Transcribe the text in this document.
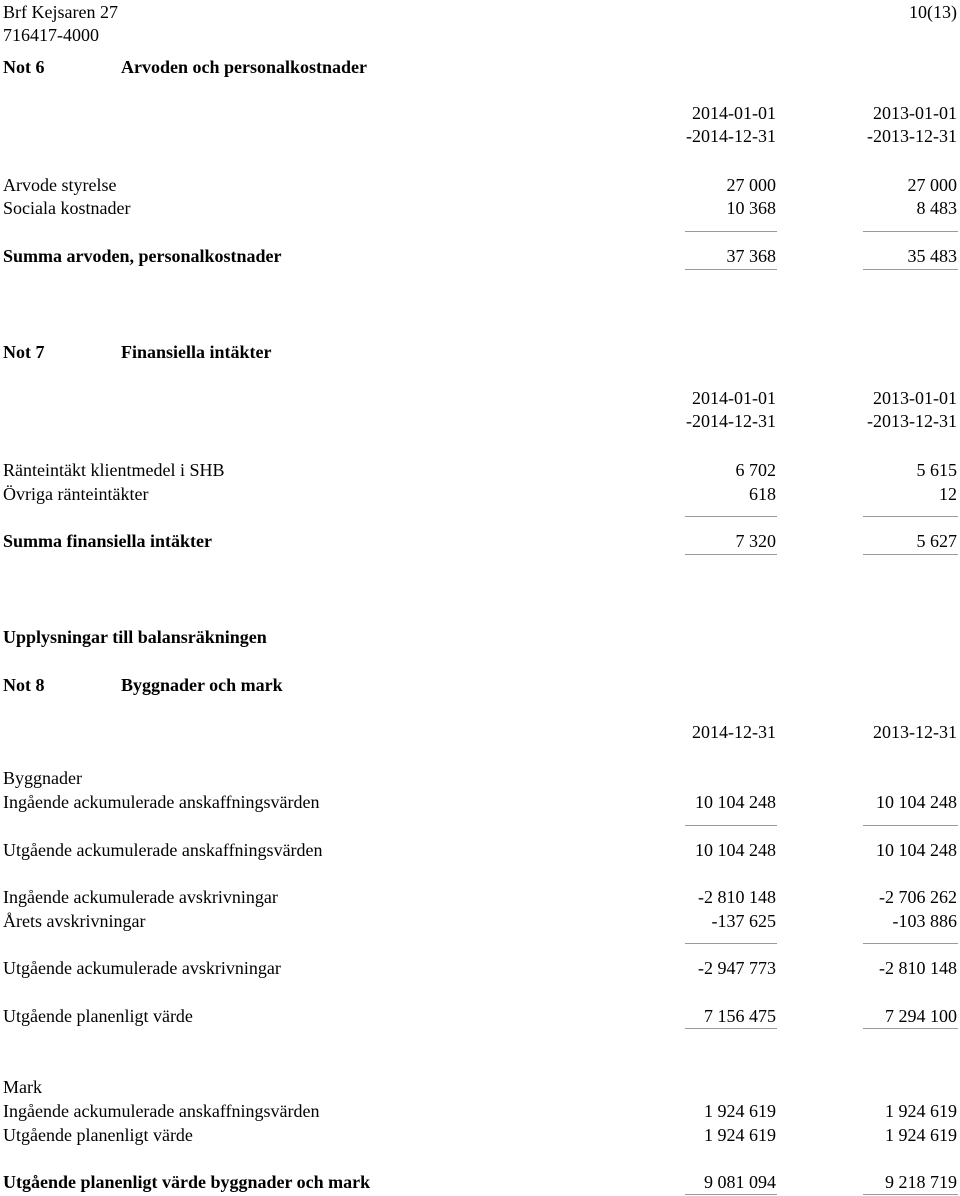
Brf Kejsaren 27
716417-4000
10(13)
Not 6	Arvoden och personalkostnader
2014-01-01	2013-01-01
-2014-12-31	-2013-12-31
Arvode styrelse	27 000	27 000
Sociala kostnader	10 368	8 483
Summa arvoden, personalkostnader	37 368	35 483
Not 7	Finansiella intäkter
2014-01-01	2013-01-01
-2014-12-31	-2013-12-31
Ränteintäkt klientmedel i SHB	6 702	5 615
Övriga ränteintäkter	618	12
Summa finansiella intäkter	7 320	5 627
Upplysningar till balansräkningen
Not 8	Byggnader och mark
2014-12-31	2013-12-31
Byggnader
Ingående ackumulerade anskaffningsvärden	10 104 248	10 104 248
Utgående ackumulerade anskaffningsvärden	10 104 248	10 104 248
Ingående ackumulerade avskrivningar	-2 810 148	-2 706 262
Årets avskrivningar	-137 625	-103 886
Utgående ackumulerade avskrivningar	-2 947 773	-2 810 148
Utgående planenligt värde	7 156 475	7 294 100
Mark
Ingående ackumulerade anskaffningsvärden	1 924 619	1 924 619
Utgående planenligt värde	1 924 619	1 924 619
Utgående planenligt värde byggnader och mark	9 081 094	9 218 719
